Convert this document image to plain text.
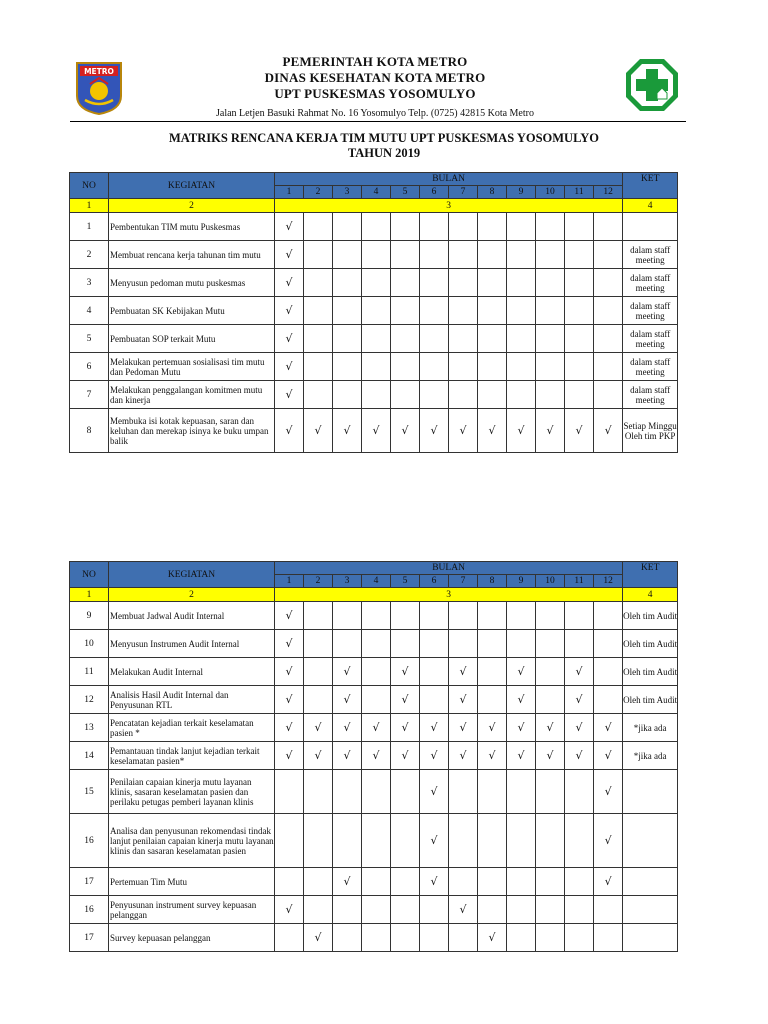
METRO
PEMERINTAH KOTA METRO
DINAS KESEHATAN KOTA METRO
UPT PUSKESMAS YOSOMULYO
Jalan Letjen Basuki Rahmat No. 16 Yosomulyo Telp. (0725) 42815 Kota Metro
MATRIKS RENCANA KERJA TIM MUTU UPT PUSKESMAS YOSOMULYO
TAHUN 2019
NO	KEGIATAN	BULAN												KET
		1	2	3	4	5	6	7	8	9	10	11	12	
1	2	3												4
1	Pembentukan TIM mutu Puskesmas	√												
2	Membuat rencana kerja tahunan tim mutu	√												dalam staff meeting
3	Menyusun pedoman mutu puskesmas	√												dalam staff meeting
4	Pembuatan SK Kebijakan Mutu	√												dalam staff meeting
5	Pembuatan SOP terkait Mutu	√												dalam staff meeting
6	Melakukan pertemuan sosialisasi tim mutu dan Pedoman Mutu	√												dalam staff meeting
7	Melakukan penggalangan komitmen mutu dan kinerja	√												dalam staff meeting
8	Membuka isi kotak kepuasan, saran dan keluhan dan merekap isinya ke buku umpan balik	√	√	√	√	√	√	√	√	√	√	√	√	Setiap Minggu Oleh tim PKP
NO	KEGIATAN	BULAN												KET
		1	2	3	4	5	6	7	8	9	10	11	12	
1	2	3												4
9	Membuat Jadwal Audit Internal	√												Oleh tim Audit
10	Menyusun Instrumen Audit Internal	√												Oleh tim Audit
11	Melakukan Audit Internal	√		√		√		√		√		√		Oleh tim Audit
12	Analisis Hasil Audit Internal dan Penyusunan RTL	√		√		√		√		√		√		Oleh tim Audit
13	Pencatatan kejadian terkait keselamatan pasien *	√	√	√	√	√	√	√	√	√	√	√	√	*jika ada
14	Pemantauan tindak lanjut kejadian terkait keselamatan pasien*	√	√	√	√	√	√	√	√	√	√	√	√	*jika ada
15	Penilaian capaian kinerja mutu layanan klinis, sasaran keselamatan pasien dan perilaku petugas pemberi layanan klinis						√						√	
16	Analisa dan penyusunan rekomendasi tindak lanjut penilaian capaian kinerja mutu layanan klinis dan sasaran keselamatan pasien						√						√	
17	Pertemuan Tim Mutu			√			√						√	
16	Penyusunan instrument survey kepuasan pelanggan	√						√						
17	Survey kepuasan pelanggan		√						√					
